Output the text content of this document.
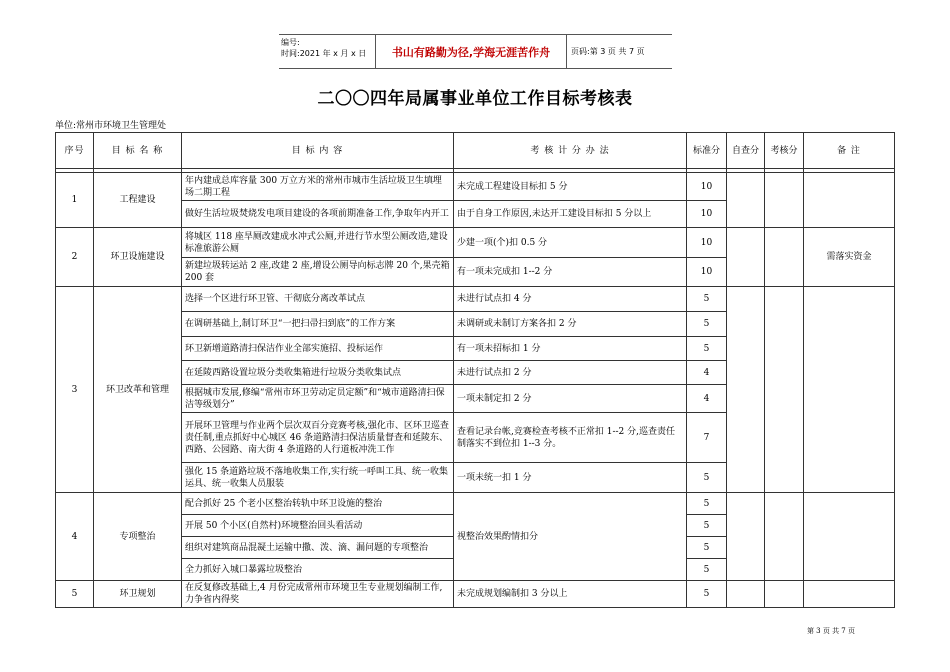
编号:
时间:2021 年 x 月 x 日	书山有路勤为径,学海无涯苦作舟	页码:第 3 页 共 7 页
二〇〇四年局属事业单位工作目标考核表
单位:常州市环境卫生管理处
序号	目 标 名 称	目 标 内 容	考 核 计 分 办 法	标准分	自查分	考核分	备 注

1	工程建设	年内建成总库容量 300 万立方米的常州市城市生活垃圾卫生填埋场二期工程	未完成工程建设目标扣 5 分	10			
		做好生活垃圾焚烧发电项目建设的各项前期准备工作,争取年内开工	由于自身工作原因,未达开工建设目标扣 5 分以上	10			
2	环卫设施建设	将城区 118 座旱厕改建成水冲式公厕,并进行节水型公厕改造,建设标准旅游公厕	少建一项(个)扣 0.5 分	10			需落实资金
		新建垃圾转运站 2 座,改建 2 座,增设公厕导向标志牌 20 个,果壳箱 200 套	有一项未完成扣 1--2 分	10			
3	环卫改革和管理	选择一个区进行环卫管、干彻底分离改革试点	未进行试点扣 4 分	5			
		在调研基础上,制订环卫“一把扫帚扫到底”的工作方案	未调研或未制订方案各扣 2 分	5			
		环卫新增道路清扫保洁作业全部实施招、投标运作	有一项未招标扣 1 分	5			
		在延陵西路设置垃圾分类收集箱进行垃圾分类收集试点	未进行试点扣 2 分	4			
		根据城市发展,修编“常州市环卫劳动定员定额”和“城市道路清扫保洁等级划分”	一项未制定扣 2 分	4			
		开展环卫管理与作业两个层次双百分竞赛考核,强化市、区环卫巡查责任制,重点抓好中心城区 46 条道路清扫保洁质量督查和延陵东、西路、公园路、南大街 4 条道路的人行道板冲洗工作	查看记录台帐,竞赛检查考核不正常扣 1--2 分,巡查责任制落实不到位扣 1--3 分。	7			
		强化 15 条道路垃圾不落地收集工作,实行统一呼叫工具、统一收集运具、统一收集人员服装	一项未统一扣 1 分	5			
4	专项整治	配合抓好 25 个老小区整治转轨中环卫设施的整治	视整治效果酌情扣分	5			
		开展 50 个小区(自然村)环境整治回头看活动		5			
		组织对建筑商品混凝土运输中撒、泼、滴、漏问题的专项整治		5			
		全力抓好入城口暴露垃圾整治		5			
5	环卫规划	在反复修改基础上,4 月份完成常州市环境卫生专业规划编制工作,力争省内得奖	未完成规划编制扣 3 分以上	5			
第 3 页 共 7 页
